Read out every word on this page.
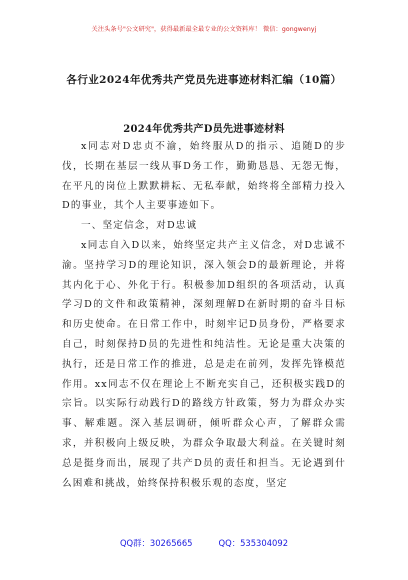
关注头条号"公文研究"，获得最新最全最专业的公文资料库！ 微信：gongwenyj
各行业2024年优秀共产党员先进事迹材料汇编（10篇）
2024年优秀共产D员先进事迹材料

x同志对D忠贞不渝，始终服从D的指示、追随D的步伐，长期在基层一线从事D务工作，勤勤恳恳、无怨无悔，在平凡的岗位上默默耕耘、无私奉献，始终将全部精力投入D的事业，其个人主要事迹如下。

一、坚定信念，对D忠诚

x同志自入D以来，始终坚定共产主义信念，对D忠诚不渝。坚持学习D的理论知识，深入领会D的最新理论，并将其内化于心、外化于行。积极参加D组织的各项活动，认真学习D的文件和政策精神，深刻理解D在新时期的奋斗目标和历史使命。在日常工作中，时刻牢记D员身份，严格要求自己，时刻保持D员的先进性和纯洁性。无论是重大决策的执行，还是日常工作的推进，总是走在前列，发挥先锋模范作用。xx同志不仅在理论上不断充实自己，还积极实践D的宗旨。以实际行动践行D的路线方针政策，努力为群众办实事、解难题。深入基层调研，倾听群众心声，了解群众需求，并积极向上级反映，为群众争取最大利益。在关键时刻总是挺身而出，展现了共产D员的责任和担当。无论遇到什么困难和挑战，始终保持积极乐观的态度，坚定

QQ群：30265665	QQ：535304092
